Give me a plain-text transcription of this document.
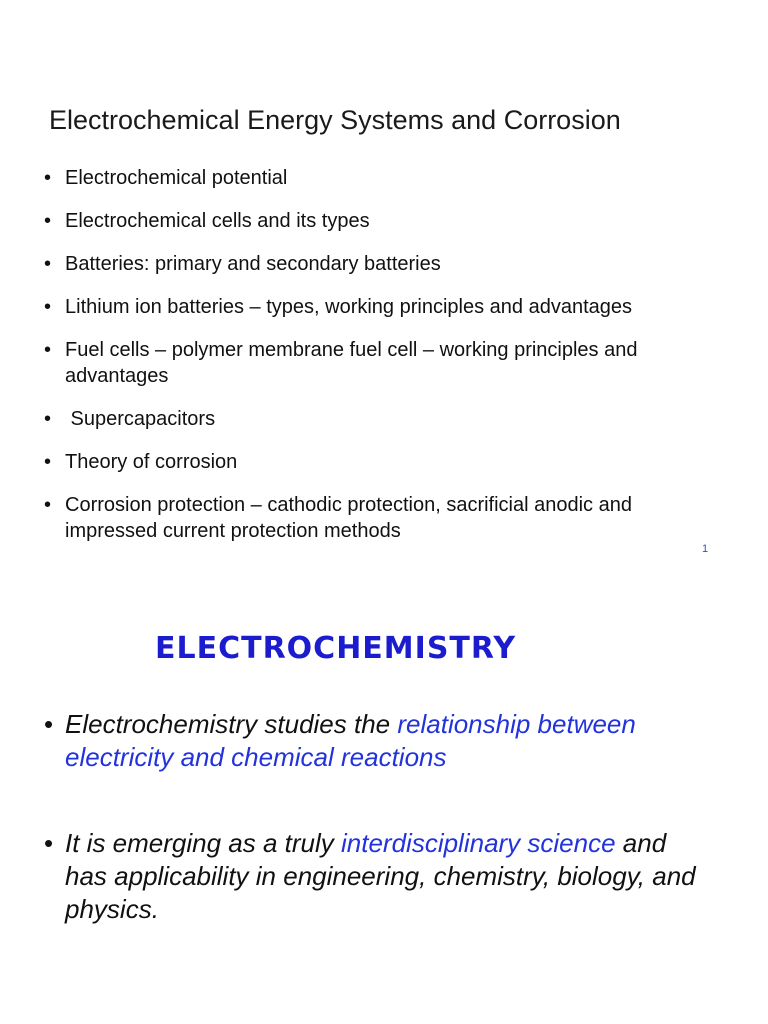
Electrochemical Energy Systems and Corrosion
• Electrochemical potential
• Electrochemical cells and its types
• Batteries: primary and secondary batteries
• Lithium ion batteries – types, working principles and advantages
• Fuel cells – polymer membrane fuel cell – working principles and advantages
• Supercapacitors
• Theory of corrosion
• Corrosion protection – cathodic protection, sacrificial anodic and impressed current protection methods
1
ELECTROCHEMISTRY
• Electrochemistry studies the relationship between electricity and chemical reactions
• It is emerging as a truly interdisciplinary science and has applicability in engineering, chemistry, biology, and physics.
